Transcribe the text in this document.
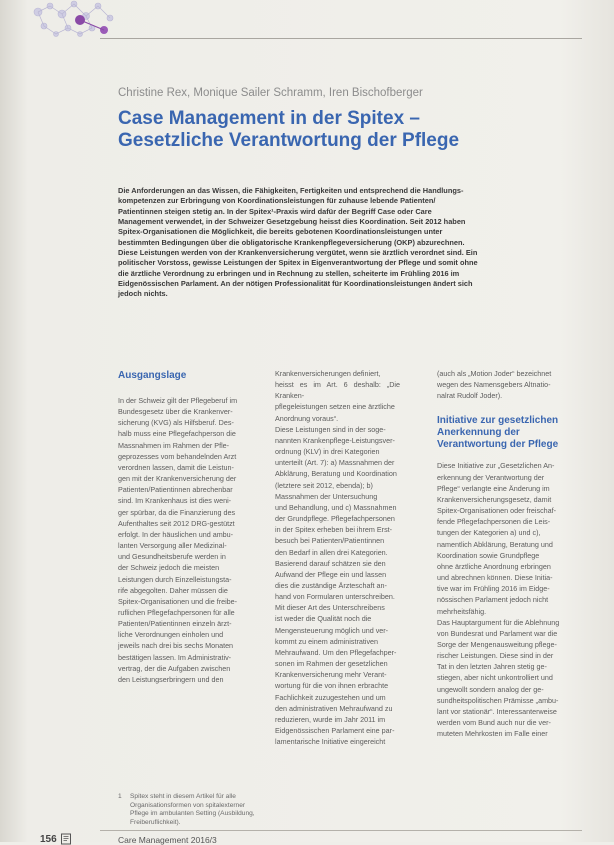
Christine Rex, Monique Sailer Schramm, Iren Bischofberger
Case Management in der Spitex –
Gesetzliche Verantwortung der Pflege

Die Anforderungen an das Wissen, die Fähigkeiten, Fertigkeiten und entsprechend die Handlungs-

kompetenzen zur Erbringung von Koordinationsleistungen für zuhause lebende Patienten/

Patientinnen steigen stetig an. In der Spitex¹-Praxis wird dafür der Begriff Case oder Care

Management verwendet, in der Schweizer Gesetzgebung heisst dies Koordination. Seit 2012 haben

Spitex-Organisationen die Möglichkeit, die bereits gebotenen Koordinationsleistungen unter

bestimmten Bedingungen über die obligatorische Krankenpflegeversicherung (OKP) abzurechnen.

Diese Leistungen werden von der Krankenversicherung vergütet, wenn sie ärztlich verordnet sind. Ein

politischer Vorstoss, gewisse Leistungen der Spitex in Eigenverantwortung der Pflege und somit ohne

die ärztliche Verordnung zu erbringen und in Rechnung zu stellen, scheiterte im Frühling 2016 im

Eidgenössischen Parlament. An der nötigen Professionalität für Koordinationsleistungen ändert sich

jedoch nichts.

Ausgangslage

In der Schweiz gilt der Pflegeberuf im

Bundesgesetz über die Krankenver-

sicherung (KVG) als Hilfsberuf. Des-

halb muss eine Pflegefachperson die

Massnahmen im Rahmen der Pfle-

geprozesses vom behandelnden Arzt

verordnen lassen, damit die Leistun-

gen mit der Krankenversicherung der

Patienten/Patientinnen abrechenbar

sind. Im Krankenhaus ist dies weni-

ger spürbar, da die Finanzierung des

Aufenthaltes seit 2012 DRG-gestützt

erfolgt. In der häuslichen und ambu-

lanten Versorgung aller Medizinal-

und Gesundheitsberufe werden in

der Schweiz jedoch die meisten

Leistungen durch Einzelleistungsta-

rife abgegolten. Daher müssen die

Spitex-Organisationen und die freibe-

ruflichen Pflegefachpersonen für alle

Patienten/Patientinnen einzeln ärzt-

liche Verordnungen einholen und

jeweils nach drei bis sechs Monaten

bestätigen lassen. Im Administrativ-

vertrag, der die Aufgaben zwischen

den Leistungserbringern und den

Krankenversicherungen definiert,

heisst es im Art. 6 deshalb: „Die Kranken-

pflegeleistungen setzen eine ärztliche

Anordnung voraus“.

Diese Leistungen sind in der soge-

nannten Krankenpflege-Leistungsver-

ordnung (KLV) in drei Kategorien

unterteilt (Art. 7): a) Massnahmen der

Abklärung, Beratung und Koordination

(letztere seit 2012, ebenda); b)

Massnahmen der Untersuchung

und Behandlung, und c) Massnahmen

der Grundpflege. Pflegefachpersonen

in der Spitex erheben bei ihrem Erst-

besuch bei Patienten/Patientinnen

den Bedarf in allen drei Kategorien.

Basierend darauf schätzen sie den

Aufwand der Pflege ein und lassen

dies die zuständige Ärzteschaft an-

hand von Formularen unterschreiben.

Mit dieser Art des Unterschreibens

ist weder die Qualität noch die

Mengensteuerung möglich und ver-

kommt zu einem administrativen

Mehraufwand. Um den Pflegefachper-

sonen im Rahmen der gesetzlichen

Krankenversicherung mehr Verant-

wortung für die von ihnen erbrachte

Fachlichkeit zuzugestehen und um

den administrativen Mehraufwand zu

reduzieren, wurde im Jahr 2011 im

Eidgenössischen Parlament eine par-

lamentarische Initiative eingereicht

(auch als „Motion Joder“ bezeichnet

wegen des Namensgebers Altnatio-

nalrat Rudolf Joder).

Initiative zur gesetzlichen Anerkennung der Verantwortung der Pflege

Diese Initiative zur „Gesetzlichen An-

erkennung der Verantwortung der

Pflege“ verlangte eine Änderung im

Krankenversicherungsgesetz, damit

Spitex-Organisationen oder freischaf-

fende Pflegefachpersonen die Leis-

tungen der Kategorien a) und c),

namentlich Abklärung, Beratung und

Koordination sowie Grundpflege

ohne ärztliche Anordnung erbringen

und abrechnen können. Diese Initia-

tive war im Frühling 2016 im Eidge-

nössischen Parlament jedoch nicht

mehrheitsfähig.

Das Hauptargument für die Ablehnung

von Bundesrat und Parlament war die

Sorge der Mengenausweitung pflege-

rischer Leistungen. Diese sind in der

Tat in den letzten Jahren stetig ge-

stiegen, aber nicht unkontrolliert und

ungewollt sondern analog der ge-

sundheitspolitischen Prämisse „ambu-

lant vor stationär“. Interessanterweise

werden vom Bund auch nur die ver-

muteten Mehrkosten im Falle einer

1 Spitex steht in diesem Artikel für alle
Organisationsformen von spitalexterner
Pflege im ambulanten Setting (Ausbildung,
Freiberuflichkeit).
156	Care Management 2016/3
